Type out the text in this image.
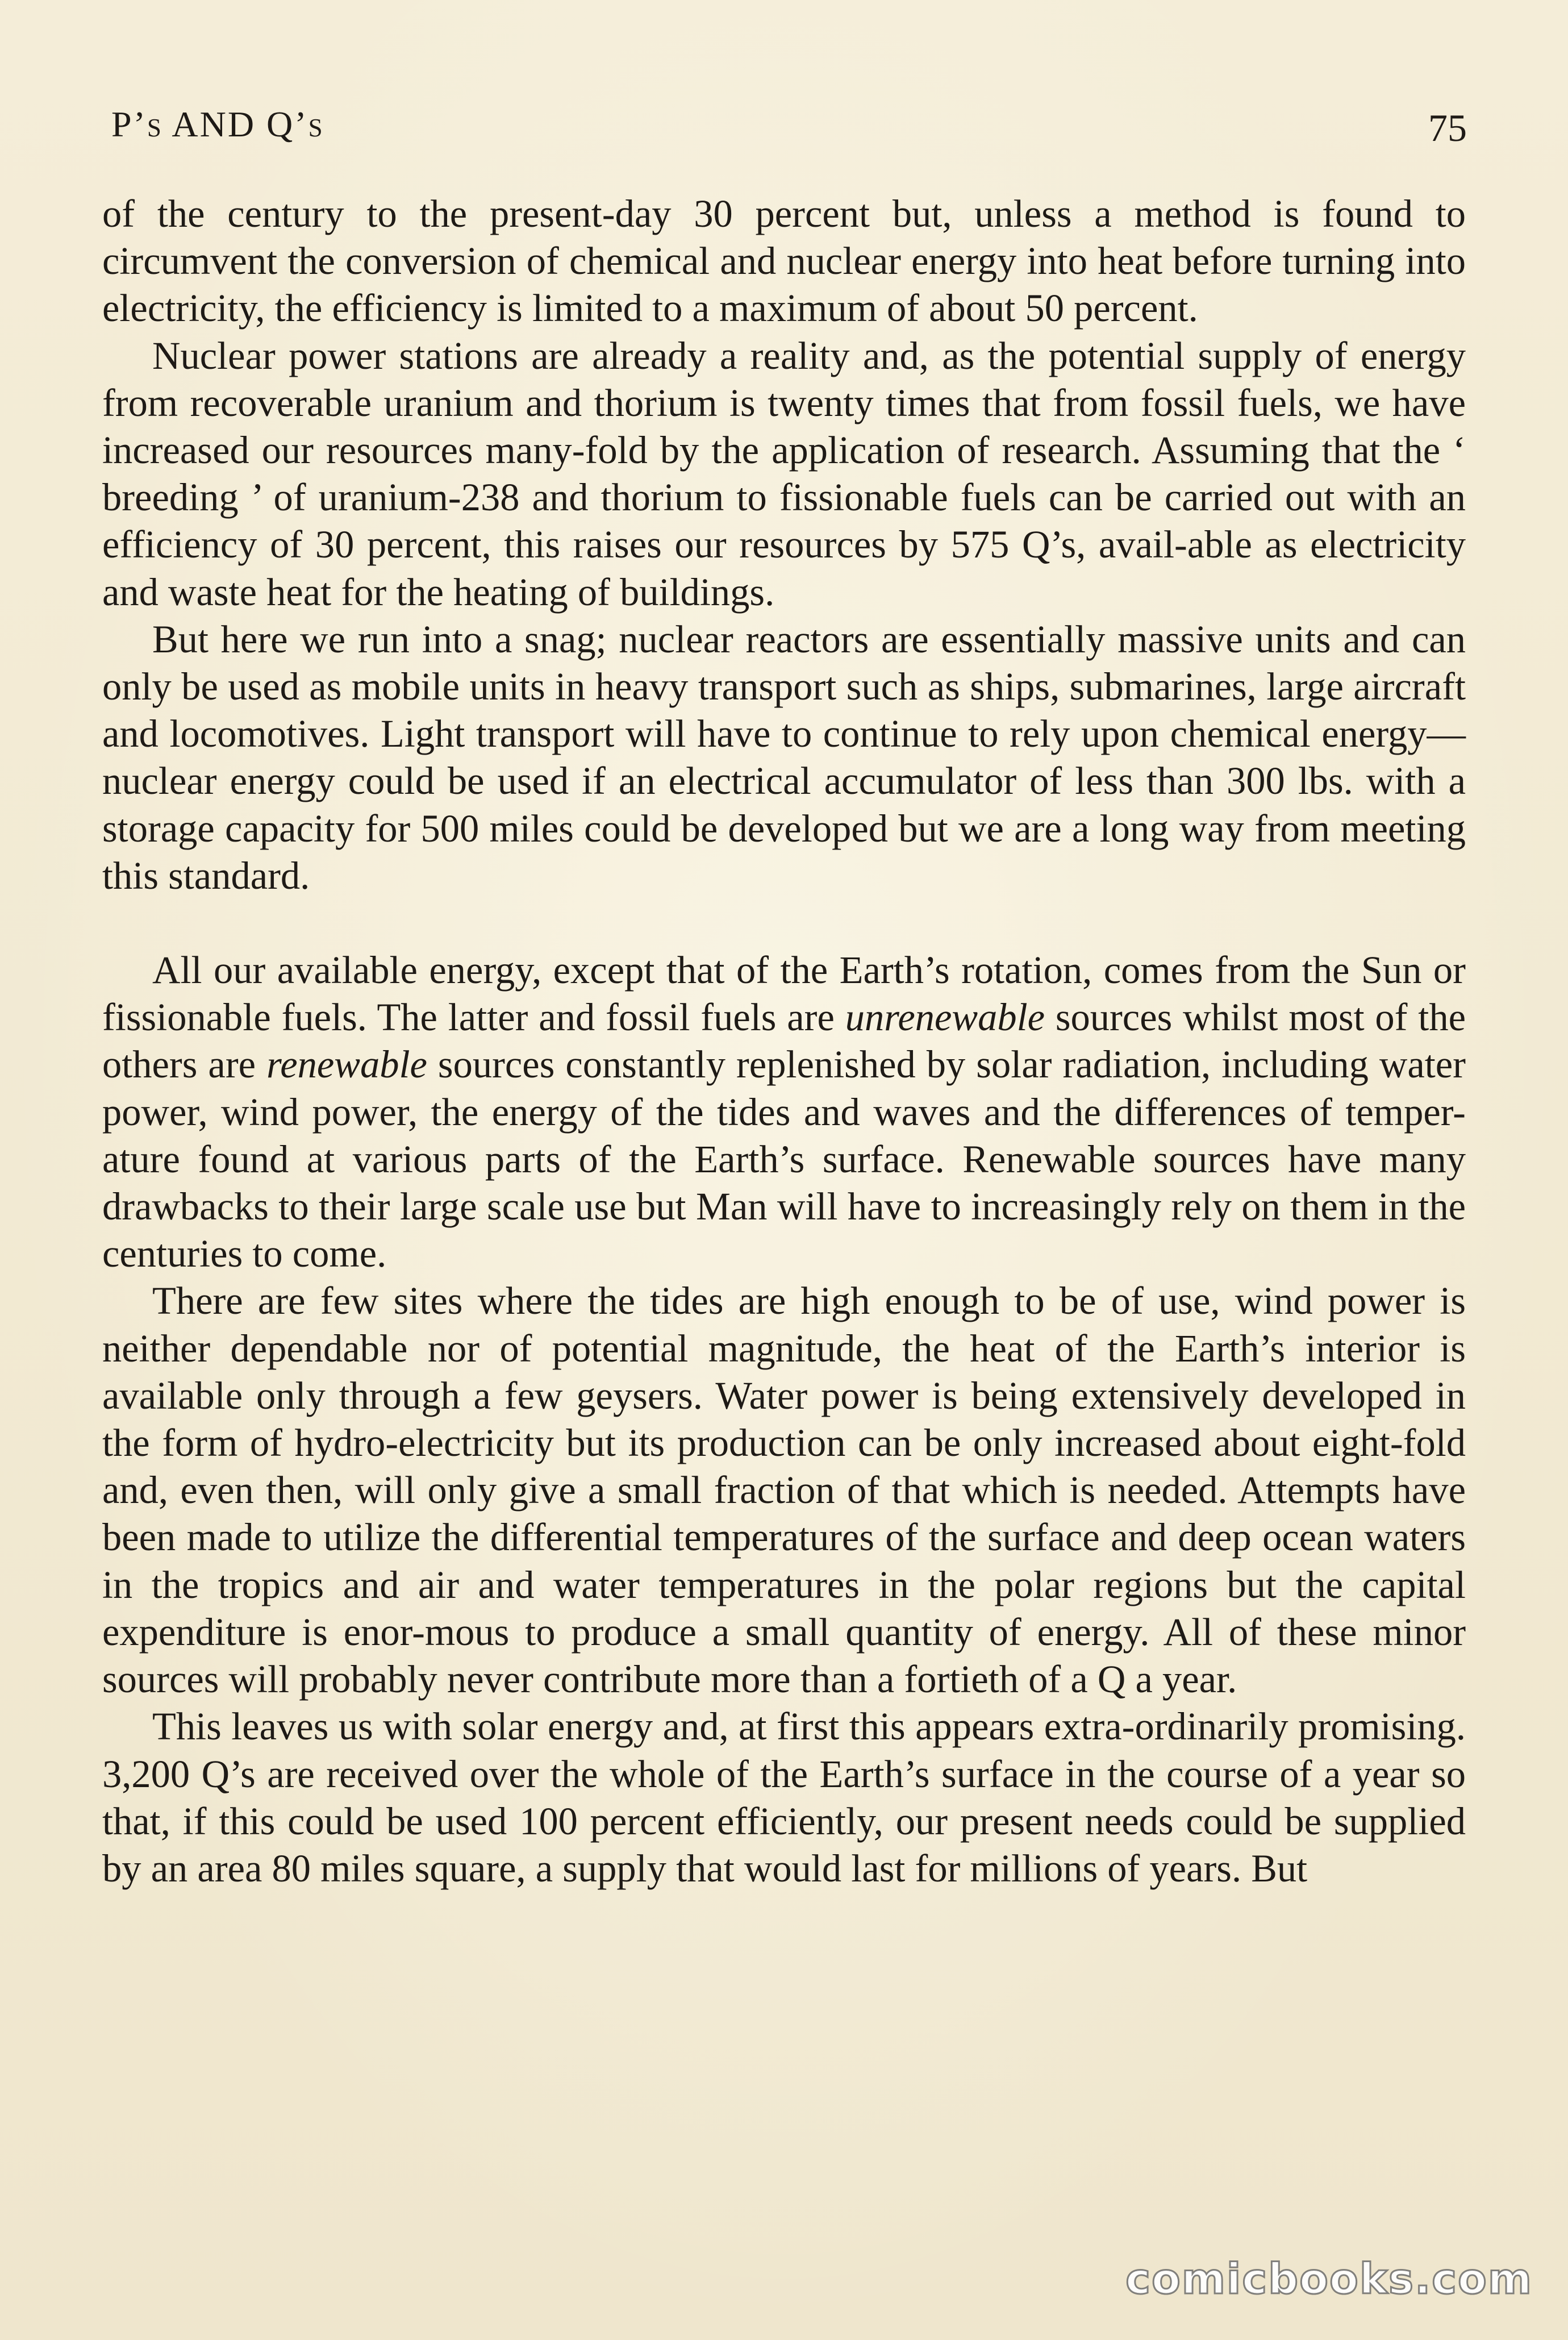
P’s AND Q’s	75

of the century to the present-day 30 percent but, unless a method is found to circumvent the conversion of chemical and nuclear energy into heat before turning into electricity, the efficiency is limited to a maximum of about 50 percent.

Nuclear power stations are already a reality and, as the potential supply of energy from recoverable uranium and thorium is twenty times that from fossil fuels, we have increased our resources many-fold by the application of research. Assuming that the ‘ breeding ’ of uranium-238 and thorium to fissionable fuels can be carried out with an efficiency of 30 percent, this raises our resources by 575 Q’s, avail-able as electricity and waste heat for the heating of buildings.

But here we run into a snag; nuclear reactors are essentially massive units and can only be used as mobile units in heavy transport such as ships, submarines, large aircraft and locomotives. Light transport will have to continue to rely upon chemical energy—nuclear energy could be used if an electrical accumulator of less than 300 lbs. with a storage capacity for 500 miles could be developed but we are a long way from meeting this standard.

All our available energy, except that of the Earth’s rotation, comes from the Sun or fissionable fuels. The latter and fossil fuels are unrenewable sources whilst most of the others are renewable sources constantly replenished by solar radiation, including water power, wind power, the energy of the tides and waves and the differences of temper-ature found at various parts of the Earth’s surface. Renewable sources have many drawbacks to their large scale use but Man will have to increasingly rely on them in the centuries to come.

There are few sites where the tides are high enough to be of use, wind power is neither dependable nor of potential magnitude, the heat of the Earth’s interior is available only through a few geysers. Water power is being extensively developed in the form of hydro-electricity but its production can be only increased about eight-fold and, even then, will only give a small fraction of that which is needed. Attempts have been made to utilize the differential temperatures of the surface and deep ocean waters in the tropics and air and water temperatures in the polar regions but the capital expenditure is enor-mous to produce a small quantity of energy. All of these minor sources will probably never contribute more than a fortieth of a Q a year.

This leaves us with solar energy and, at first this appears extra-ordinarily promising. 3,200 Q’s are received over the whole of the Earth’s surface in the course of a year so that, if this could be used 100 percent efficiently, our present needs could be supplied by an area 80 miles square, a supply that would last for millions of years. But

comicbooks.com
